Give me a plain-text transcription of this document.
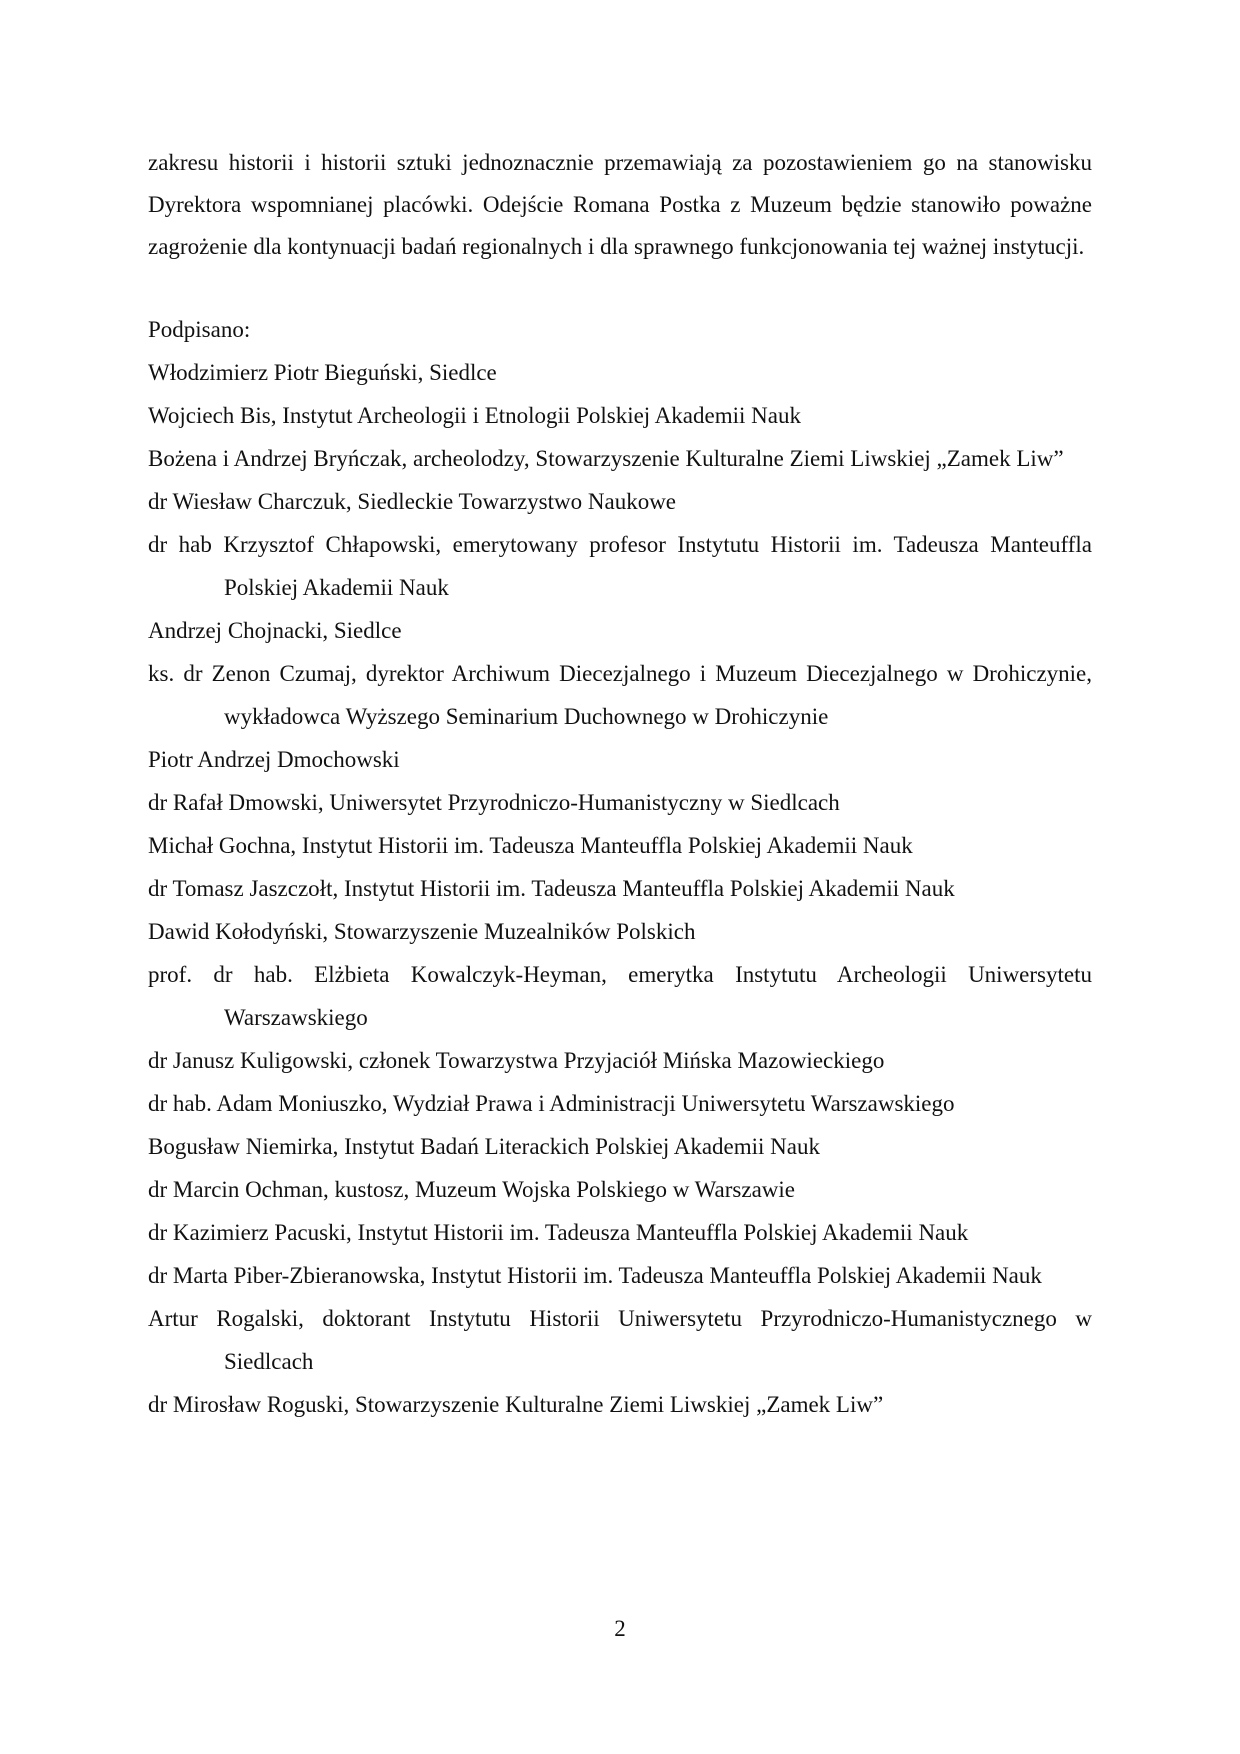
zakresu historii i historii sztuki jednoznacznie przemawiają za pozostawieniem go na stanowisku Dyrektora wspomnianej placówki. Odejście Romana Postka z Muzeum będzie stanowiło poważne zagrożenie dla kontynuacji badań regionalnych i dla sprawnego funkcjonowania tej ważnej instytucji.

Podpisano:

Włodzimierz Piotr Bieguński, Siedlce
Wojciech Bis, Instytut Archeologii i Etnologii Polskiej Akademii Nauk
Bożena i Andrzej Bryńczak, archeolodzy, Stowarzyszenie Kulturalne Ziemi Liwskiej „Zamek Liw”
dr Wiesław Charczuk, Siedleckie Towarzystwo Naukowe
dr hab Krzysztof Chłapowski, emerytowany profesor Instytutu Historii im. Tadeusza Manteuffla Polskiej Akademii Nauk
Andrzej Chojnacki, Siedlce
ks. dr Zenon Czumaj, dyrektor Archiwum Diecezjalnego i Muzeum Diecezjalnego w Drohiczynie, wykładowca Wyższego Seminarium Duchownego w Drohiczynie
Piotr Andrzej Dmochowski
dr Rafał Dmowski, Uniwersytet Przyrodniczo-Humanistyczny w Siedlcach
Michał Gochna, Instytut Historii im. Tadeusza Manteuffla Polskiej Akademii Nauk
dr Tomasz Jaszczołt, Instytut Historii im. Tadeusza Manteuffla Polskiej Akademii Nauk
Dawid Kołodyński, Stowarzyszenie Muzealników Polskich
prof. dr hab. Elżbieta Kowalczyk-Heyman, emerytka Instytutu Archeologii Uniwersytetu Warszawskiego
dr Janusz Kuligowski, członek Towarzystwa Przyjaciół Mińska Mazowieckiego
dr hab. Adam Moniuszko, Wydział Prawa i Administracji Uniwersytetu Warszawskiego
Bogusław Niemirka, Instytut Badań Literackich Polskiej Akademii Nauk
dr Marcin Ochman, kustosz, Muzeum Wojska Polskiego w Warszawie
dr Kazimierz Pacuski, Instytut Historii im. Tadeusza Manteuffla Polskiej Akademii Nauk
dr Marta Piber-Zbieranowska, Instytut Historii im. Tadeusza Manteuffla Polskiej Akademii Nauk
Artur Rogalski, doktorant Instytutu Historii Uniwersytetu Przyrodniczo-Humanistycznego w Siedlcach
dr Mirosław Roguski, Stowarzyszenie Kulturalne Ziemi Liwskiej „Zamek Liw”
2
